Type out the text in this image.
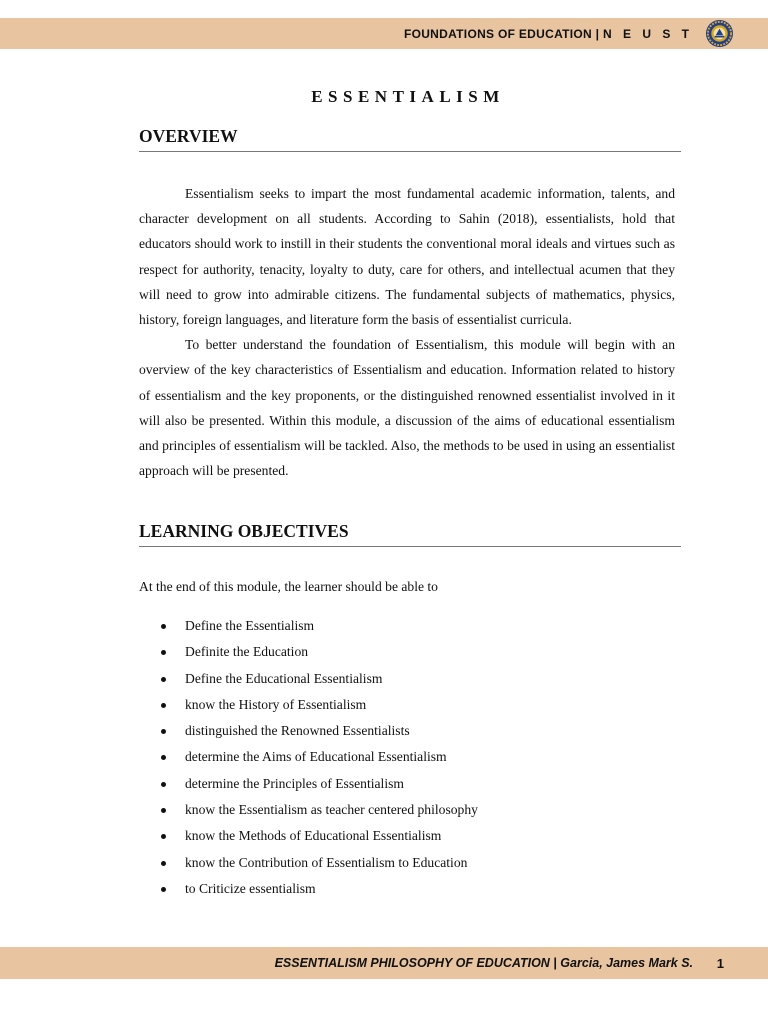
FOUNDATIONS OF EDUCATION | N E U S T
ESSENTIALISM
OVERVIEW

Essentialism seeks to impart the most fundamental academic information, talents, and character development on all students. According to Sahin (2018), essentialists, hold that educators should work to instill in their students the conventional moral ideals and virtues such as respect for authority, tenacity, loyalty to duty, care for others, and intellectual acumen that they will need to grow into admirable citizens. The fundamental subjects of mathematics, physics, history, foreign languages, and literature form the basis of essentialist curricula.

To better understand the foundation of Essentialism, this module will begin with an overview of the key characteristics of Essentialism and education. Information related to history of essentialism and the key proponents, or the distinguished renowned essentialist involved in it will also be presented. Within this module, a discussion of the aims of educational essentialism and principles of essentialism will be tackled. Also, the methods to be used in using an essentialist approach will be presented.

LEARNING OBJECTIVES
At the end of this module, the learner should be able to
Define the Essentialism
Definite the Education
Define the Educational Essentialism
know the History of Essentialism
distinguished the Renowned Essentialists
determine the Aims of Educational Essentialism
determine the Principles of Essentialism
know the Essentialism as teacher centered philosophy
know the Methods of Educational Essentialism
know the Contribution of Essentialism to Education
to Criticize essentialism
ESSENTIALISM PHILOSOPHY OF EDUCATION | Garcia, James Mark S. 1
